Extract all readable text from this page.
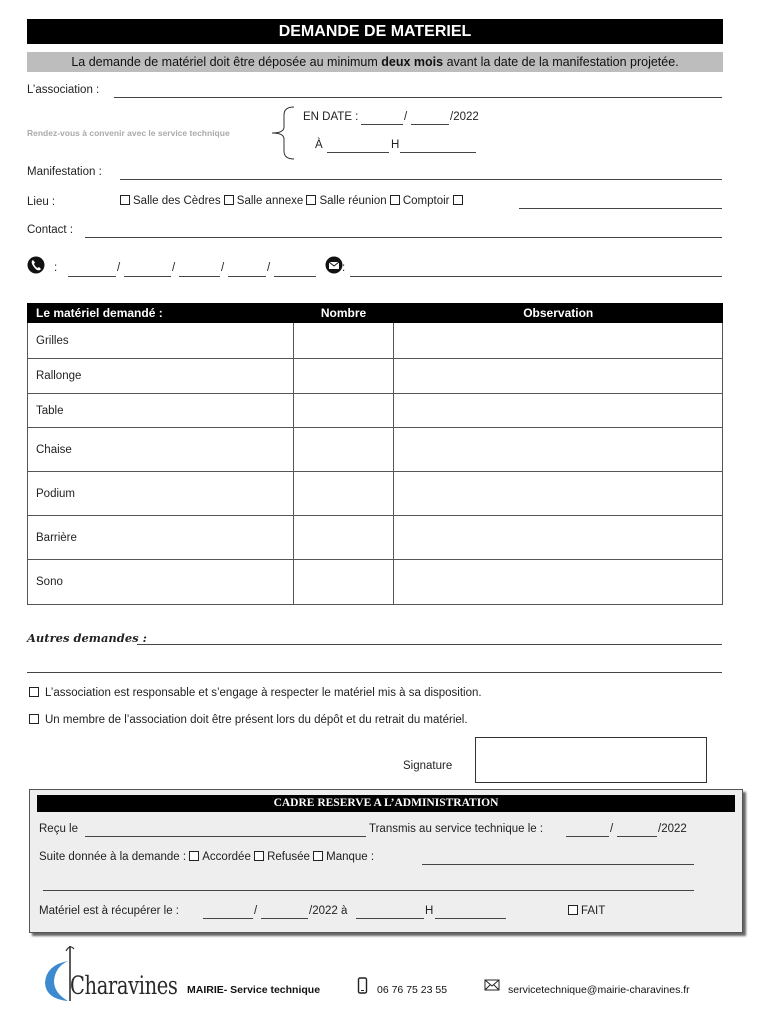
DEMANDE DE MATERIEL
La demande de matériel doit être déposée au minimum deux mois avant la date de la manifestation projetée.
L’association :
Rendez-vous à convenir avec le service technique
EN DATE :	/	/2022
À	H
Manifestation :
Lieu :	Salle des Cèdres Salle annexe Salle réunion Comptoir
Contact :
:	/	/	/	/	:
Le matériel demandé :	Nombre	Observation
Grilles		
Rallonge		
Table		
Chaise		
Podium		
Barrière		
Sono		
Autres demandes :
L’association est responsable et s’engage à respecter le matériel mis à sa disposition.
Un membre de l’association doit être présent lors du dépôt et du retrait du matériel.
Signature
CADRE RESERVE A L’ADMINISTRATION
Reçu le	Transmis au service technique le :	/	/2022
Suite donnée à la demande : Accordée Refusée Manque :
Matériel est à récupérer le :	/	/2022 à	H	FAIT
Charavines MAIRIE- Service technique	06 76 75 23 55	servicetechnique@mairie-charavines.fr
